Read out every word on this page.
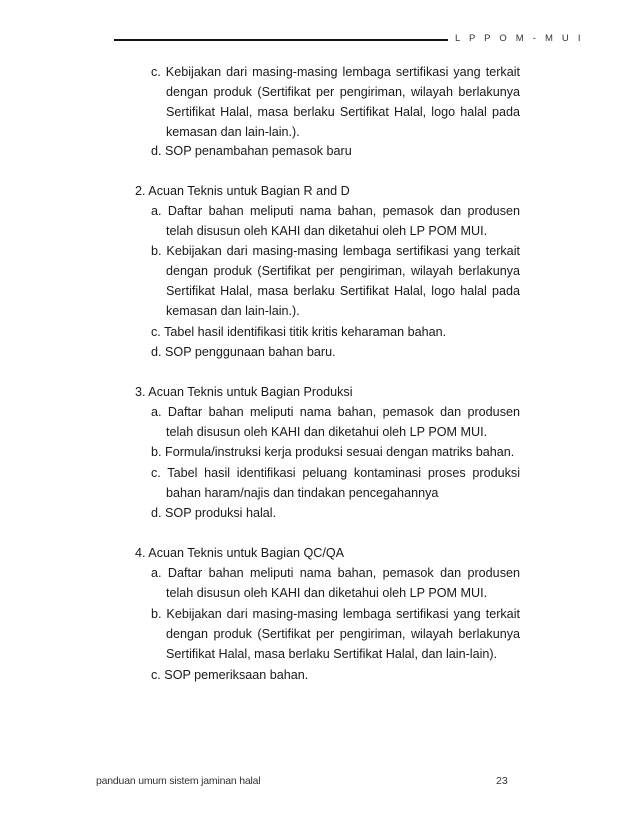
L P P O M - M U I
c. Kebijakan dari masing-masing lembaga sertifikasi yang terkait
dengan produk (Sertifikat per pengiriman, wilayah berlakunya
Sertifikat Halal, masa berlaku Sertifikat Halal, logo halal pada
kemasan dan lain-lain.).
d. SOP penambahan pemasok baru
2. Acuan Teknis untuk Bagian R and D
a. Daftar bahan meliputi nama bahan, pemasok dan produsen
telah disusun oleh KAHI dan diketahui oleh LP POM MUI.
b. Kebijakan dari masing-masing lembaga sertifikasi yang terkait
dengan produk (Sertifikat per pengiriman, wilayah berlakunya
Sertifikat Halal, masa berlaku Sertifikat Halal, logo halal pada
kemasan dan lain-lain.).
c. Tabel hasil identifikasi titik kritis keharaman bahan.
d. SOP penggunaan bahan baru.
3. Acuan Teknis untuk Bagian Produksi
a. Daftar bahan meliputi nama bahan, pemasok dan produsen
telah disusun oleh KAHI dan diketahui oleh LP POM MUI.
b. Formula/instruksi kerja produksi sesuai dengan matriks bahan.
c. Tabel hasil identifikasi peluang kontaminasi proses produksi
bahan haram/najis dan tindakan pencegahannya
d. SOP produksi halal.
4. Acuan Teknis untuk Bagian QC/QA
a. Daftar bahan meliputi nama bahan, pemasok dan produsen
telah disusun oleh KAHI dan diketahui oleh LP POM MUI.
b. Kebijakan dari masing-masing lembaga sertifikasi yang terkait
dengan produk (Sertifikat per pengiriman, wilayah berlakunya
Sertifikat Halal, masa berlaku Sertifikat Halal, dan lain-lain).
c. SOP pemeriksaan bahan.
panduan umum sistem jaminan halal	23
